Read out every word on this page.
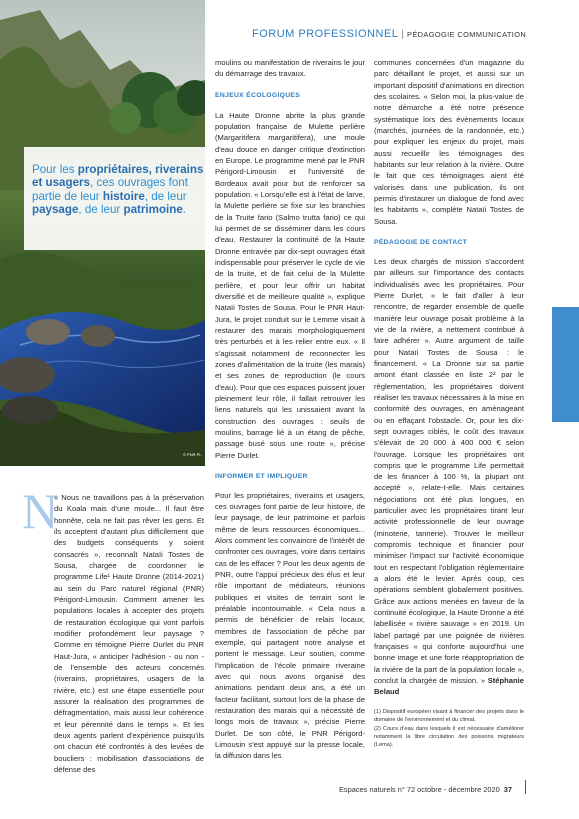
© PNR PL

Pour les propriétaires, riverains et usagers, ces ouvrages font partie de leur histoire, de leur paysage, de leur patrimoine.

FORUM PROFESSIONNEL | PÉDAGOGIE COMMUNICATION
N

« Nous ne travaillons pas à la préservation du Koala mais d'une moule... Il faut être honnête, cela ne fait pas rêver les gens. Et ils acceptent d'autant plus difficilement que des budgets conséquents y soient consacrés », reconnaît Nataïi Tostes de Sousa, chargée de coordonner le programme Life¹ Haute Dronne (2014-2021) au sein du Parc naturel régional (PNR) Périgord-Limousin. Comment amener les populations locales à accepter des projets de restauration écologique qui vont parfois modifier profondément leur paysage ? Comme en témoigne Pierre Durlet du PNR Haut-Jura, « anticiper l'adhésion - ou non - de l'ensemble des acteurs concernés (riverains, propriétaires, usagers de la rivière, etc.) est une étape essentielle pour assurer la réalisation des programmes de défragmentation, mais aussi leur cohérence et leur pérennité dans le temps ». Et les deux agents parlent d'expérience puisqu'ils ont chacun été confrontés à des levées de boucliers : mobilisation d'associations de défense des

moulins ou manifestation de riverains le jour du démarrage des travaux.

ENJEUX ÉCOLOGIQUES

La Haute Dronne abrite la plus grande population française de Mulette perlière (Margaritifera margaritifera), une moule d'eau douce en danger critique d'extinction en Europe. Le programme mené par le PNR Périgord-Limousin et l'université de Bordeaux avait pour but de renforcer sa population. « Lorsqu'elle est à l'état de larve, la Mulette perlière se fixe sur les branchies de la Truite fario (Salmo trutta fario) ce qui lui permet de se disséminer dans les cours d'eau. Restaurer la continuité de la Haute Dronne entravée par dix-sept ouvrages était indispensable pour préserver le cycle de vie de la truite, et de fait celui de la Mulette perlière, et pour leur offrir un habitat diversifié et de meilleure qualité », explique Nataïi Tostes de Sousa. Pour le PNR Haut-Jura, le projet conduit sur le Lemme visait à restaurer des marais morphologiquement très perturbés et à les relier entre eux. « Il s'agissait notamment de reconnecter les zones d'alimentation de la truite (les marais) et ses zones de reproduction (le cours d'eau). Pour que ces espaces puissent jouer pleinement leur rôle, il fallait retrouver les liens naturels qui les unissaient avant la construction des ouvrages : seuils de moulins, barrage lié à un étang de pêche, passage busé sous une route », précise Pierre Durlet.

INFORMER ET IMPLIQUER

Pour les propriétaires, riverains et usagers, ces ouvrages font partie de leur histoire, de leur paysage, de leur patrimoine et parfois même de leurs ressources économiques... Alors comment les convaincre de l'intérêt de confronter ces ouvrages, voire dans certains cas de les effacer ? Pour les deux agents de PNR, outre l'appui précieux des élus et leur rôle important de médiateurs, réunions publiques et visites de terrain sont le préalable incontournable. « Cela nous a permis de bénéficier de relais locaux, membres de l'association de pêche par exemple, qui partagent notre analyse et portent le message. Leur soutien, comme l'implication de l'école primaire riveraine avec qui nous avons organisé des animations pendant deux ans, a été un facteur facilitant, surtout lors de la phase de restauration des marais qui a nécessité de longs mois de travaux », précise Pierre Durlet. De son côté, le PNR Périgord-Limousin s'est appuyé sur la presse locale, la diffusion dans les

communes concernées d'un magazine du parc détaillant le projet, et aussi sur un important dispositif d'animations en direction des scolaires. « Selon moi, la plus-value de notre démarche a été notre présence systématique lors des évènements locaux (marchés, journées de la randonnée, etc.) pour expliquer les enjeux du projet, mais aussi recueillir les témoignages des habitants sur leur relation à la rivière. Outre le fait que ces témoignages aient été valorisés dans une publication, ils ont permis d'instaurer un dialogue de fond avec les habitants », complète Nataïi Tostes de Sousa.

PÉDAGOGIE DE CONTACT

Les deux chargés de mission s'accordent par ailleurs sur l'importance des contacts individualisés avec les propriétaires. Pour Pierre Durlet, « le fait d'aller à leur rencontre, de regarder ensemble de quelle manière leur ouvrage posait problème à la vie de la rivière, a nettement contribué à faire adhérer ». Autre argument de taille pour Nataïi Tostes de Sousa : le financement. « La Dronne sur sa partie amont étant classée en liste 2² par le règlementation, les propriétaires doivent réaliser les travaux nécessaires à la mise en conformité des ouvrages, en aménageant ou en effaçant l'obstacle. Or, pour les dix-sept ouvrages ciblés, le coût des travaux s'élevait de 20 000 à 400 000 € selon l'ouvrage. Lorsque les propriétaires ont compris que le programme Life permettait de les financer à 100 %, la plupart ont accepté », relate-t-elle. Mais certaines négociations ont été plus longues, en particulier avec les propriétaires tirant leur activité professionnelle de leur ouvrage (minoterie, tannerie). Trouver le meilleur compromis technique et financier pour minimiser l'impact sur l'activité économique tout en respectant l'obligation réglementaire a alors été le levier. Après coup, ces opérations semblent globalement positives. Grâce aux actions menées en faveur de la continuité écologique, la Haute Dronne a été labellisée « rivière sauvage » en 2019. Un label partagé par une poignée de rivières françaises « qui conforte aujourd'hui une bonne image et une forte réappropriation de la rivière de la part de la population locale », conclut la chargée de mission. » Stéphanie Belaud

(1) Dispositif européen visant à financer des projets dans le domaine de l'environnement et du climat.

(2) Cours d'eau dans lesquels il est nécessaire d'améliorer notamment la libre circulation des poissons migrateurs (Lema).

Espaces naturels n° 72 octobre - décembre 2020 37
